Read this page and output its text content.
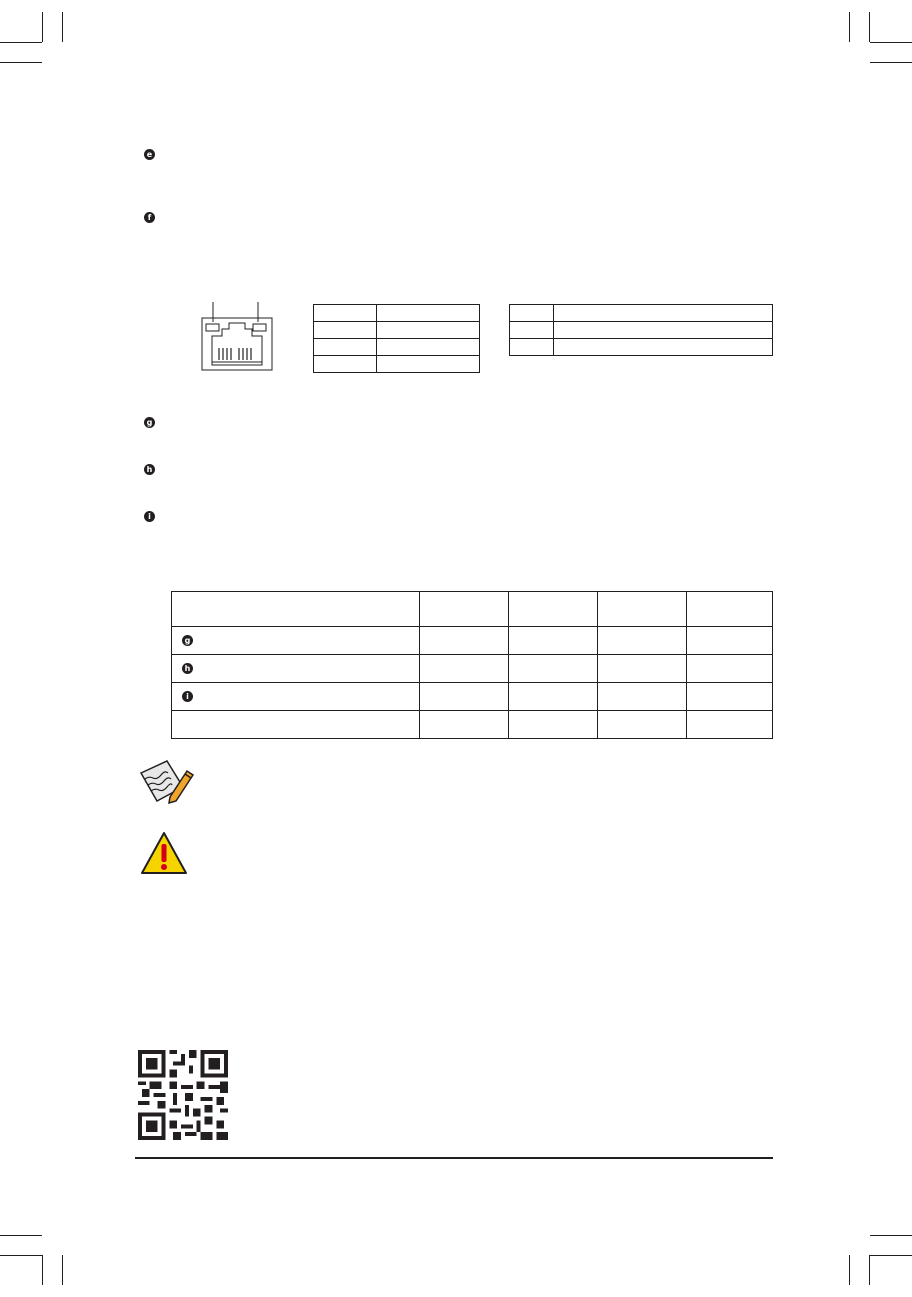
e
f
g
h
i

g				
h				
i				
